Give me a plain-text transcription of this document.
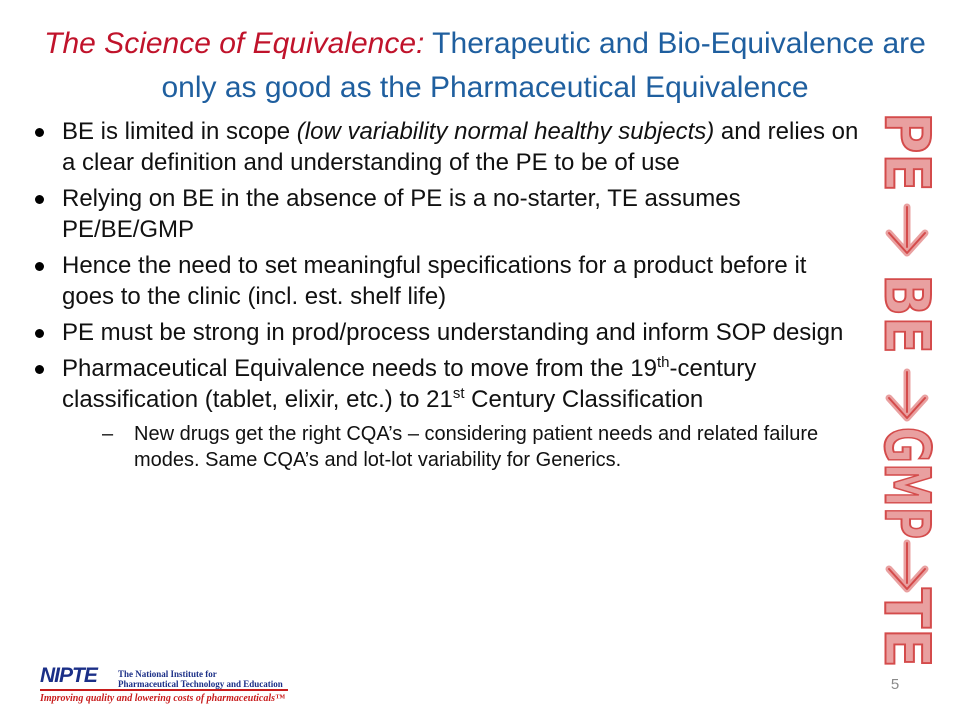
The Science of Equivalence: Therapeutic and Bio-Equivalence are only as good as the Pharmaceutical Equivalence
BE is limited in scope (low variability normal healthy subjects) and relies on a clear definition and understanding of the PE to be of use
Relying on BE in the absence of PE is a no-starter, TE assumes PE/BE/GMP
Hence the need to set meaningful specifications for a product before it goes to the clinic (incl. est. shelf life)
PE must be strong in prod/process understanding and inform SOP design
Pharmaceutical Equivalence needs to move from the 19th-century classification (tablet, elixir, etc.) to 21st Century Classification
– New drugs get the right CQA’s – considering patient needs and related failure modes. Same CQA’s and lot-lot variability for Generics.
PE
BE
GMP
TE
NIPTE The National Institute for
Pharmaceutical Technology and Education
Improving quality and lowering costs of pharmaceuticals™
5
